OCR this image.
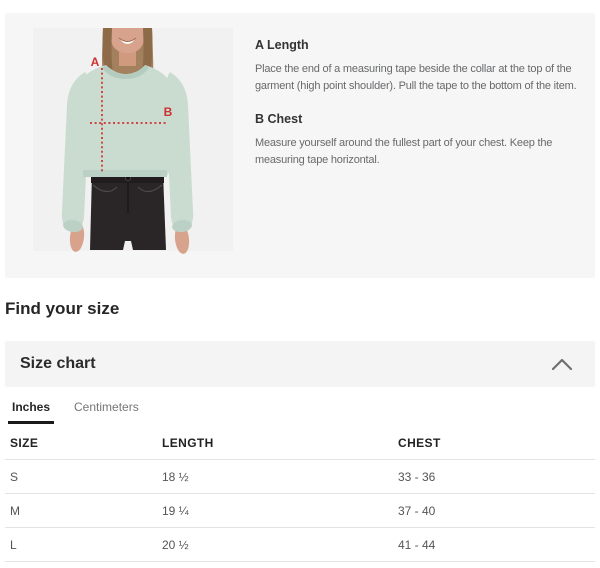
A
B
A Length
Place the end of a measuring tape beside the collar at the top of the garment (high point shoulder). Pull the tape to the bottom of the item.
B Chest
Measure yourself around the fullest part of your chest. Keep the measuring tape horizontal.
Find your size
Size chart
Inches	Centimeters
SIZE	LENGTH	CHEST
S	18 ½	33 - 36
M	19 ¼	37 - 40
L	20 ½	41 - 44
